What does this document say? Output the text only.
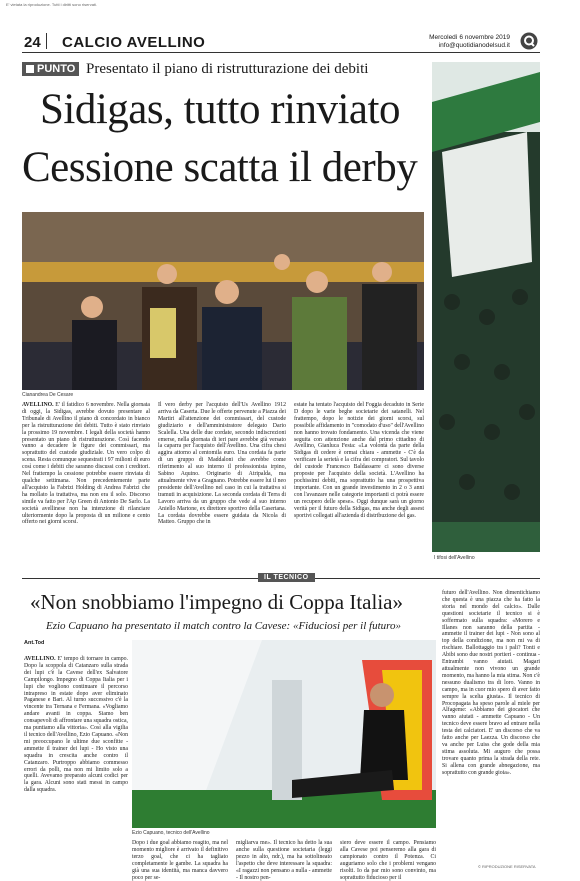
E' vietata la riproduzione. Tutti i diritti sono riservati.
24 CALCIO AVELLINO	Mercoledì 6 novembre 2019
info@quotidianodelsud.it
PUNTO Presentato il piano di ristrutturazione dei debiti
Sidigas, tutto rinviato
Cessione scatta il derby
Cianandrea De Cesare
I tifosi dell'Avellino
AVELLINO. E' il fatidico 6 novembre. Nella giornata di oggi, la Sidigas, avrebbe dovuto presentare al Tribunale di Avellino il piano di concordato in bianco per la ristrutturazione dei debiti. Tutto è stato rinviato la prossimo 19 novembre. I legali della società hanno presentato un piano di ristrutturazione. Così facendo vanno a decadere le figure dei commissari, ma soprattutto del custode giudiziale. Un vero colpo di scena. Resta comunque sequestrati i 97 milioni di euro così come i debiti che saranno discussi con i creditori. Nel frattempo la cessione potrebbe essere rinviata di qualche settimana. Non precedentemente parte all'acquisto la Fabrizi Holding di Andrea Fabrizi che ha mollato la trattativa, ma non era il solo. Discorso simile va fatto per l'Ap Green di Antonio De Sarlo. La società avellinese non ha intenzione di rilanciare ulteriormente dopo la proposta di un milione e cento offerto nei giorni scorsi.
Il vero derby per l'acquisto dell'Us Avellino 1912 arriva da Caserta. Due le offerte pervenute a Piazza dei Martiri all'attenzione dei commissari, del custode giudiziario e dell'amministratore delegato Dario Scalella. Una delle due cordate, secondo indiscrezioni emerse, nella giornata di ieri pare avrebbe già versato la caparra per l'acquisto dell'Avellino. Una cifra chesi aggira attorno al centomila euro. Una cordata fa parte di un gruppo di Maddaloni che avrebbe come riferimento al suo interno il professionista irpino, Sabino Aquino. Originario di Atripalda, ma attualmente vive a Gragnano. Potrebbe essere lui il neo presidente dell'Avellino nel caso in cui la trattativa si tramuti in acquisizione. La seconda cordata di Terra di Lavoro arriva da un gruppo che vede al suo interno Aniello Martone, ex direttore sportivo della Casertana. La cordata dovrebbe essere guidata da Nicola di Matteo. Gruppo che in
estate ha tentato l'acquisto del Foggia decaduto in Serie D dopo le varie beghe societarie dei satanelli. Nel frattempo, dopo le notizie dei giorni scorsi, sul possibile affidamento in "comodato d'uso" dell'Avellino non hanno trovato fondamento. Una vicenda che viene seguita con attenzione anche dal primo cittadino di Avellino, Gianluca Festa: «La volontà da parte della Sidigas di cedere è ormai chiara - ammette - C'è da verificare la serietà e la cifra dei compratori. Sul tavolo del custode Francesco Baldassarre ci sono diverse proposte per l'acquisto della società. L'Avellino ha pochissimi debiti, ma soprattutto ha una prospettiva importante. Con un grande investimento in 2 o 3 anni con l'avanzare nelle categorie importanti ci potrà essere un recupero delle spese». Oggi dunque sarà un giorno verità per il futuro della Sidigas, ma anche degli assest sportivi collegati all'azienda di distribuzione del gas.
IL TECNICO
«Non snobbiamo l'impegno di Coppa Italia»
Ezio Capuano ha presentato il match contro la Cavese: «Fiduciosi per il futuro»
Ant.Tod
AVELLINO. E' tempo di tornare in campo. Dopo la scoppola di Catanzaro sulla strada dei lupi c'è la Cavese dell'ex Salvatore Campilongo. Impegno di Coppa Italia per i lupi che vogliono continuare il percorso intrapreso in estate dopo aver eliminato Paganese e Bari. Al turno successivo c'è la vincente tra Ternana e Fermana. «Vogliamo andare avanti in coppa. Siamo ben consapevoli di affrontare una squadra ostica, ma puntiamo alla vittoria». Così alla vigilia il tecnico dell'Avellino, Ezio Capuano. «Non mi preoccupano le ultime due sconfitte - ammette il trainer dei lupi - Ho visto una squadra in crescita anche contro il Catanzaro. Purtroppo abbiamo commesso errori da polli, ma non mi limito solo a quelli. Avevamo preparato alcuni codici per la gara. Alcuni sono stati messi in campo dalla squadra.
Ezio Capuano, tecnico dell'Avellino
Dopo i due goal abbiamo reagito, ma nel momento migliore è arrivato il definitivo terzo goal, che ci ha tagliato completamente le gambe. La squadra ha già una sua identità, ma manca davvero poco per se-
migliarva me». Il tecnico ha detto la sua anche sulla questione societaria (leggi pezzo in alto, ndr.), ma ha sottolineato l'aspetto che deve interessare la squadra: «I ragazzi non pensano a nulla - ammette - Il nostro pen-
siero deve essere il campo. Pensiamo alla Cavese poi penseremo alla gara di campionato contro il Potenza. Ci auguriamo solo che i problemi vengano risolti. Io da par mio sono convinto, ma soprattutto fiducioso per il
futuro dell'Avellino. Non dimentichiamo che questa è una piazza che ha fatto la storia nel mondo del calcio». Dalle questioni societarie il tecnico si è soffermato sulla squadra: «Morero e Illanes non saranno della partita - ammette il trainer dei lupi - Non sono al top della condizione, ma non mi va di rischiare. Ballottaggio tra i pali? Tonti e Abibi sono due nostri portieri - continua - Entrambi vanno aiutati. Magari attualmente non vivono un grande momento, ma hanno la mia stima. Non c'è nessuno dualismo tra di loro. Vanno in campo, ma in cuor mio spero di aver fatto sempre la scelta giusta». Il tecnico di Procopagata ha speso parole al miele per Alfageme: «Abbiamo dei giocatori che vanno aiutati - ammette Capuano - Un tecnico deve essere bravo ad entrare nella testa dei calciatori. E' un discorso che va fatto anche per Laezza. Un discorso che va anche per Luiss che gode della mia stima assoluta. Mi auguro che possa trovare quanto prima la strada della rete. Si allena con grande abnegazione, ma soprattutto con grande gioia».
© RIPRODUZIONE RISERVATA
